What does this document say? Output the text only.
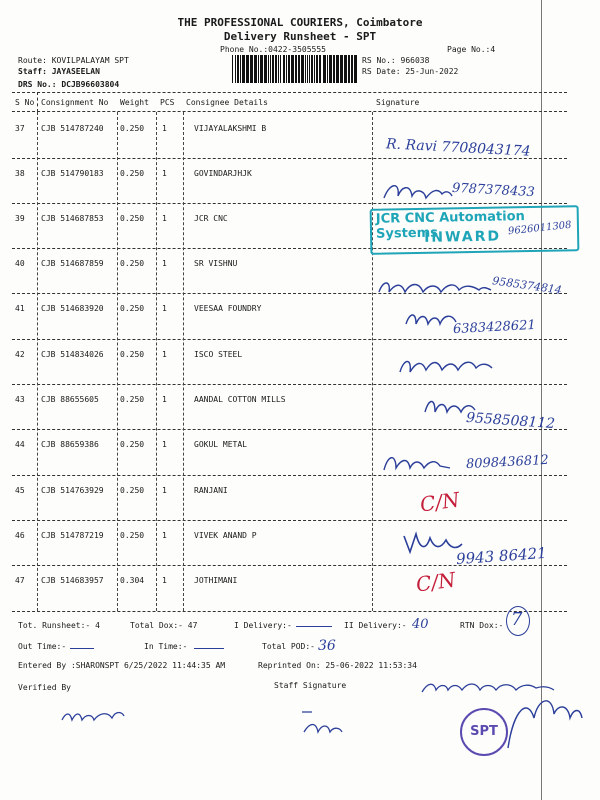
THE PROFESSIONAL COURIERS, Coimbatore
Delivery Runsheet - SPT
Phone No.:0422-3505555	Page No.:4
Route: KOVILPALAYAM SPT
Staff: JAYASEELAN
DRS No.: DCJB96603804
RS No.: 966038
RS Date: 25-Jun-2022
S No Consignment No Weight PCS Consignee Details	Signature
37 CJB 514787240 0.250 1	VIJAYALAKSHMI B
38 CJB 514790183 0.250 1	GOVINDARJHJK
39 CJB 514687853 0.250 1	JCR CNC
40 CJB 514687859 0.250 1	SR VISHNU
41 CJB 514683920 0.250 1	VEESAA FOUNDRY
42 CJB 514834026 0.250 1	ISCO STEEL
43 CJB 88655605	0.250 1	AANDAL COTTON MILLS
44 CJB 88659386	0.250 1	GOKUL METAL
45 CJB 514763929 0.250 1	RANJANI
46 CJB 514787219 0.250 1	VIVEK ANAND P
47 CJB 514683957 0.304 1	JOTHIMANI
R. Ravi 7708043174
9787378433
JCR CNC Automation Systems
INWARD 9626011308
9585374814
6383428621
9558508112
8098436812
C/N
9943 86421
C/N
Tot. Runsheet:- 4	Total Dox:- 47	I Delivery:-	II Delivery:- 40	RTN Dox:- 7
Out Time:-	In Time:-	Total POD:- 36
Entered By :SHARONSPT 6/25/2022 11:44:35 AM	Reprinted On: 25-06-2022 11:53:34
Verified By	Staff Signature
SPT
